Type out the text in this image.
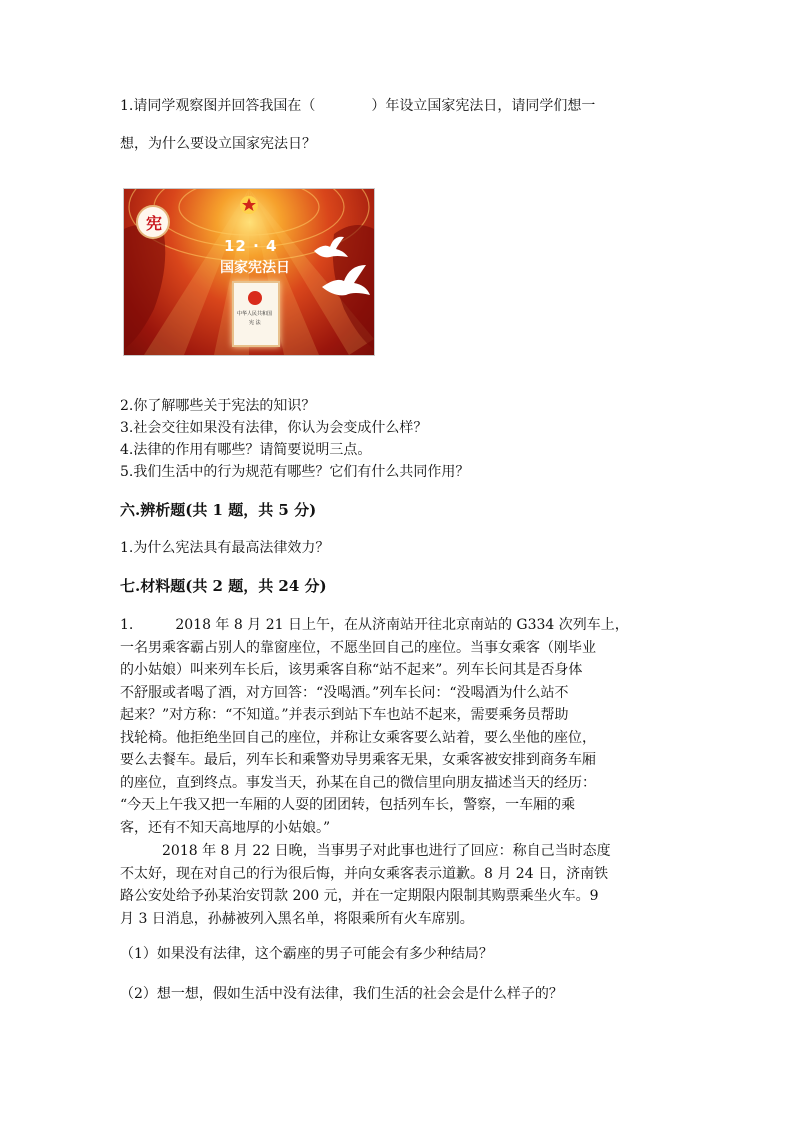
1.请同学观察图并回答我国在（　　　　）年设立国家宪法日，请同学们想一
想，为什么要设立国家宪法日？
宪
12 · 4
国家宪法日
中华人民共和国
宪 法
2.你了解哪些关于宪法的知识？
3.社会交往如果没有法律，你认为会变成什么样？
4.法律的作用有哪些？请简要说明三点。
5.我们生活中的行为规范有哪些？它们有什么共同作用？
六.辨析题(共 1 题，共 5 分)
1.为什么宪法具有最高法律效力？
七.材料题(共 2 题，共 24 分)
1.　　　2018 年 8 月 21 日上午，在从济南站开往北京南站的 G334 次列车上，
一名男乘客霸占别人的靠窗座位，不愿坐回自己的座位。当事女乘客（刚毕业
的小姑娘）叫来列车长后，该男乘客自称“站不起来”。列车长问其是否身体
不舒服或者喝了酒，对方回答：“没喝酒。”列车长问：“没喝酒为什么站不
起来？”对方称：“不知道。”并表示到站下车也站不起来，需要乘务员帮助
找轮椅。他拒绝坐回自己的座位，并称让女乘客要么站着，要么坐他的座位，
要么去餐车。最后，列车长和乘警劝导男乘客无果，女乘客被安排到商务车厢
的座位，直到终点。事发当天，孙某在自己的微信里向朋友描述当天的经历：
“今天上午我又把一车厢的人耍的团团转，包括列车长，警察，一车厢的乘
客，还有不知天高地厚的小姑娘。”
　　　2018 年 8 月 22 日晚，当事男子对此事也进行了回应：称自己当时态度
不太好，现在对自己的行为很后悔，并向女乘客表示道歉。8 月 24 日，济南铁
路公安处给予孙某治安罚款 200 元，并在一定期限内限制其购票乘坐火车。9
月 3 日消息，孙赫被列入黑名单，将限乘所有火车席别。
（1）如果没有法律，这个霸座的男子可能会有多少种结局？
（2）想一想，假如生活中没有法律，我们生活的社会会是什么样子的？
